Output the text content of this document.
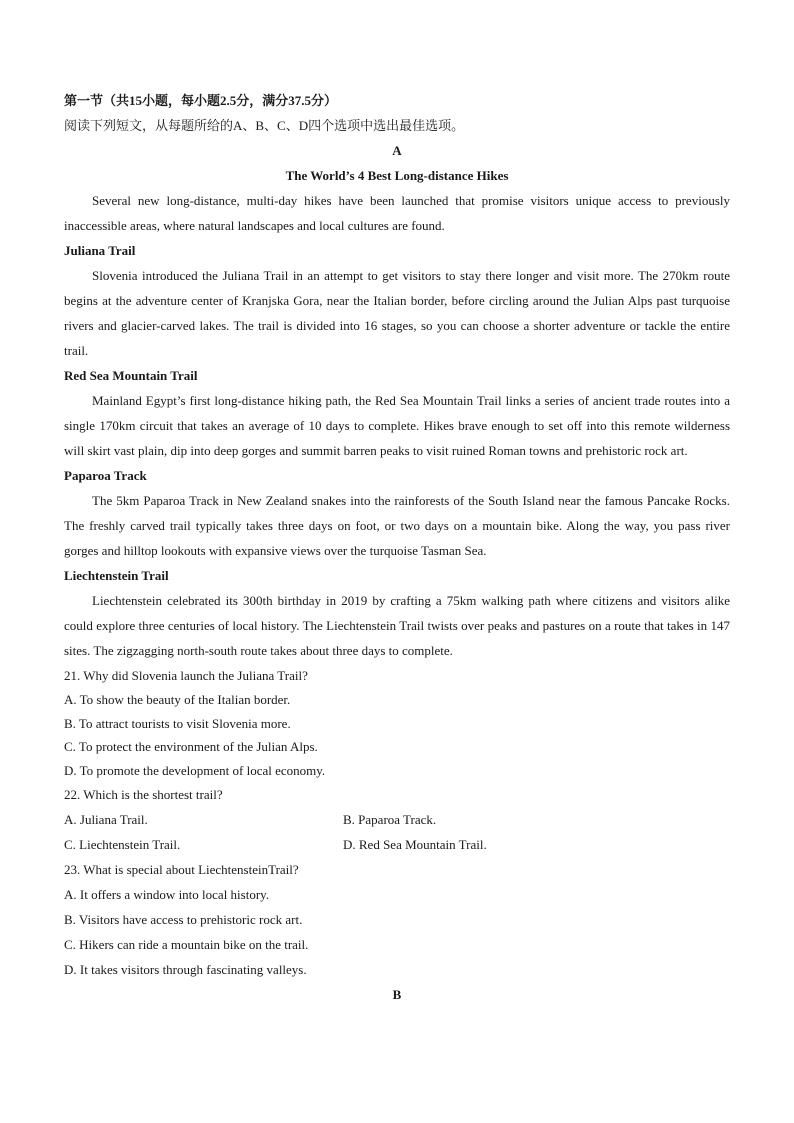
第一节（共15小题，每小题2.5分，满分37.5分）
阅读下列短文，从每题所给的A、B、C、D四个选项中选出最佳选项。
A
The World’s 4 Best Long-distance Hikes

Several new long-distance, multi-day hikes have been launched that promise visitors unique access to previously inaccessible areas, where natural landscapes and local cultures are found.

Juliana Trail

Slovenia introduced the Juliana Trail in an attempt to get visitors to stay there longer and visit more. The 270km route begins at the adventure center of Kranjska Gora, near the Italian border, before circling around the Julian Alps past turquoise rivers and glacier-carved lakes. The trail is divided into 16 stages, so you can choose a shorter adventure or tackle the entire trail.

Red Sea Mountain Trail

Mainland Egypt’s first long-distance hiking path, the Red Sea Mountain Trail links a series of ancient trade routes into a single 170km circuit that takes an average of 10 days to complete. Hikes brave enough to set off into this remote wilderness will skirt vast plain, dip into deep gorges and summit barren peaks to visit ruined Roman towns and prehistoric rock art.

Paparoa Track

The 5km Paparoa Track in New Zealand snakes into the rainforests of the South Island near the famous Pancake Rocks. The freshly carved trail typically takes three days on foot, or two days on a mountain bike. Along the way, you pass river gorges and hilltop lookouts with expansive views over the turquoise Tasman Sea.

Liechtenstein Trail

Liechtenstein celebrated its 300th birthday in 2019 by crafting a 75km walking path where citizens and visitors alike could explore three centuries of local history. The Liechtenstein Trail twists over peaks and pastures on a route that takes in 147 sites. The zigzagging north-south route takes about three days to complete.

21. Why did Slovenia launch the Juliana Trail?
A. To show the beauty of the Italian border.
B. To attract tourists to visit Slovenia more.
C. To protect the environment of the Julian Alps.
D. To promote the development of local economy.
22. Which is the shortest trail?
A. Juliana Trail.	B. Paparoa Track.
C. Liechtenstein Trail.	D. Red Sea Mountain Trail.
23. What is special about LiechtensteinTrail?
A. It offers a window into local history.
B. Visitors have access to prehistoric rock art.
C. Hikers can ride a mountain bike on the trail.
D. It takes visitors through fascinating valleys.
B
